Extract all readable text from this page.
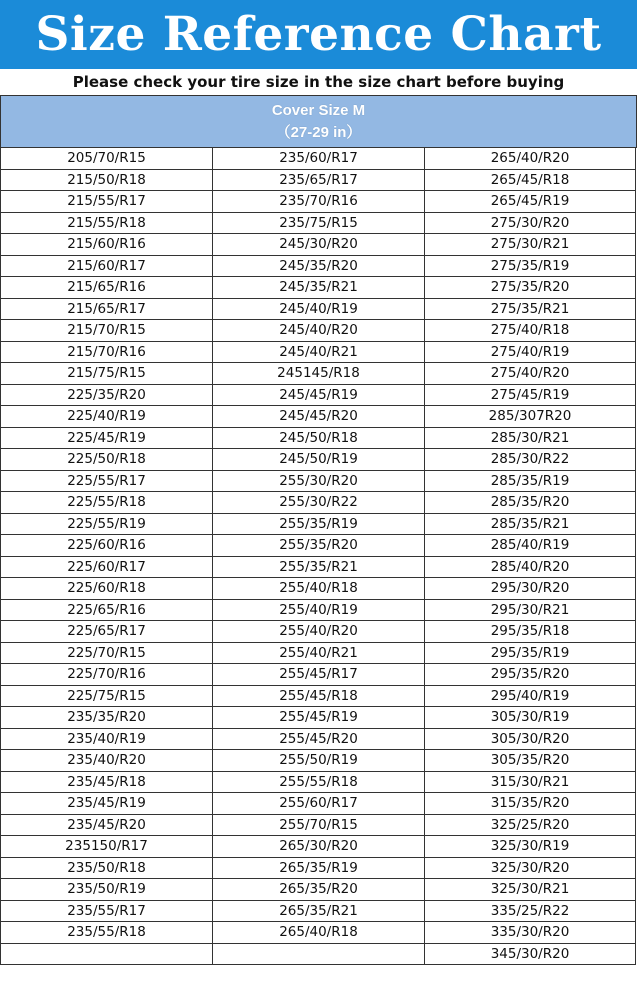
Size Reference Chart
Please check your tire size in the size chart before buying
Cover Size M
（27-29 in）
205/70/R15
215/50/R18
215/55/R17
215/55/R18
215/60/R16
215/60/R17
215/65/R16
215/65/R17
215/70/R15
215/70/R16
215/75/R15
225/35/R20
225/40/R19
225/45/R19
225/50/R18
225/55/R17
225/55/R18
225/55/R19
225/60/R16
225/60/R17
225/60/R18
225/65/R16
225/65/R17
225/70/R15
225/70/R16
225/75/R15
235/35/R20
235/40/R19
235/40/R20
235/45/R18
235/45/R19
235/45/R20
235150/R17
235/50/R18
235/50/R19
235/55/R17
235/55/R18
235/60/R17
235/65/R17
235/70/R16
235/75/R15
245/30/R20
245/35/R20
245/35/R21
245/40/R19
245/40/R20
245/40/R21
245145/R18
245/45/R19
245/45/R20
245/50/R18
245/50/R19
255/30/R20
255/30/R22
255/35/R19
255/35/R20
255/35/R21
255/40/R18
255/40/R19
255/40/R20
255/40/R21
255/45/R17
255/45/R18
255/45/R19
255/45/R20
255/50/R19
255/55/R18
255/60/R17
255/70/R15
265/30/R20
265/35/R19
265/35/R20
265/35/R21
265/40/R18
265/40/R20
265/45/R18
265/45/R19
275/30/R20
275/30/R21
275/35/R19
275/35/R20
275/35/R21
275/40/R18
275/40/R19
275/40/R20
275/45/R19
285/307R20
285/30/R21
285/30/R22
285/35/R19
285/35/R20
285/35/R21
285/40/R19
285/40/R20
295/30/R20
295/30/R21
295/35/R18
295/35/R19
295/35/R20
295/40/R19
305/30/R19
305/30/R20
305/35/R20
315/30/R21
315/35/R20
325/25/R20
325/30/R19
325/30/R20
325/30/R21
335/25/R22
335/30/R20
345/30/R20
